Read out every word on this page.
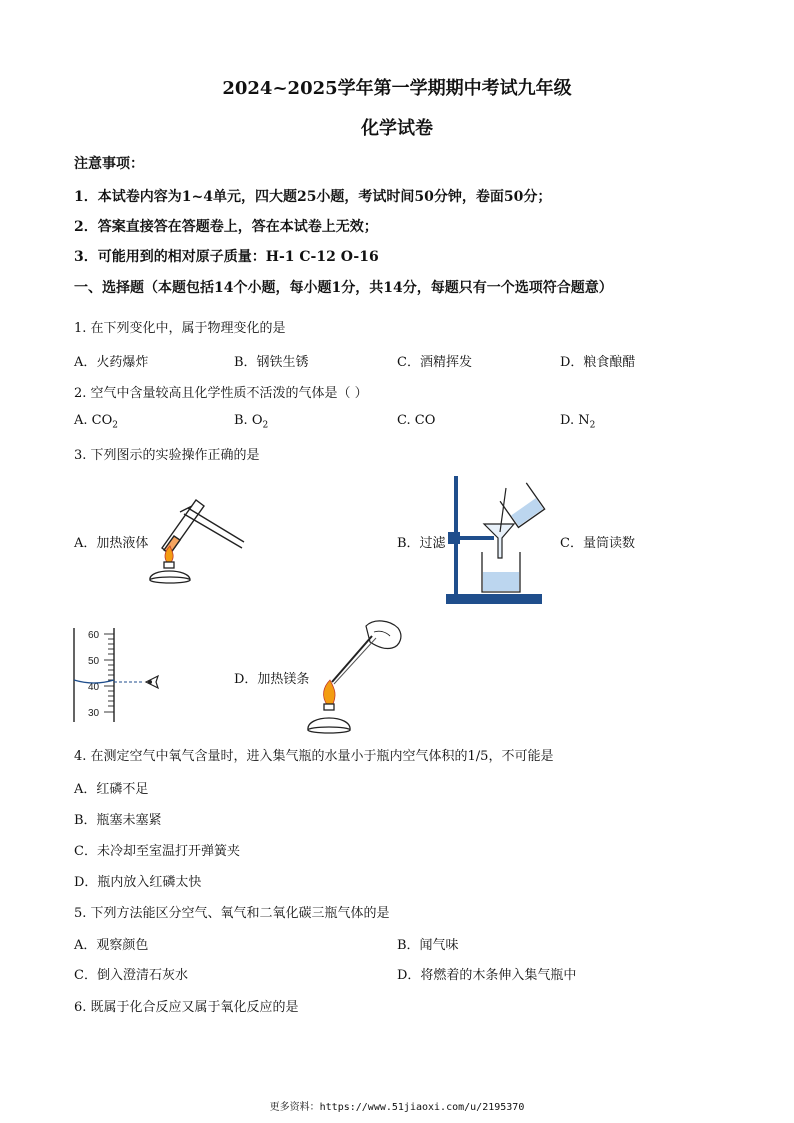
2024~2025学年第一学期期中考试九年级
化学试卷
注意事项：
1．本试卷内容为1~4单元，四大题25小题，考试时间50分钟，卷面50分；
2．答案直接答在答题卷上，答在本试卷上无效；
3．可能用到的相对原子质量：H-1 C-12 O-16
一、选择题（本题包括14个小题，每小题1分，共14分，每题只有一个选项符合题意）
1. 在下列变化中，属于物理变化的是
A．火药爆炸	B．钢铁生锈	C．酒精挥发	D．粮食酿醋
2. 空气中含量较高且化学性质不活泼的气体是（ ）
A. $CO_2$	B. $O_2$	C. CO	D. $N_2$
3. 下列图示的实验操作正确的是
A．加热液体	B．过滤	C．量筒读数
60
50
40
30
D．加热镁条
4. 在测定空气中氧气含量时，进入集气瓶的水量小于瓶内空气体积的1/5，不可能是
A．红磷不足
B．瓶塞未塞紧
C．未冷却至室温打开弹簧夹
D．瓶内放入红磷太快
5. 下列方法能区分空气、氧气和二氧化碳三瓶气体的是
A．观察颜色	B．闻气味
C．倒入澄清石灰水	D．将燃着的木条伸入集气瓶中
6. 既属于化合反应又属于氧化反应的是
更多资料：https://www.51jiaoxi.com/u/2195370
